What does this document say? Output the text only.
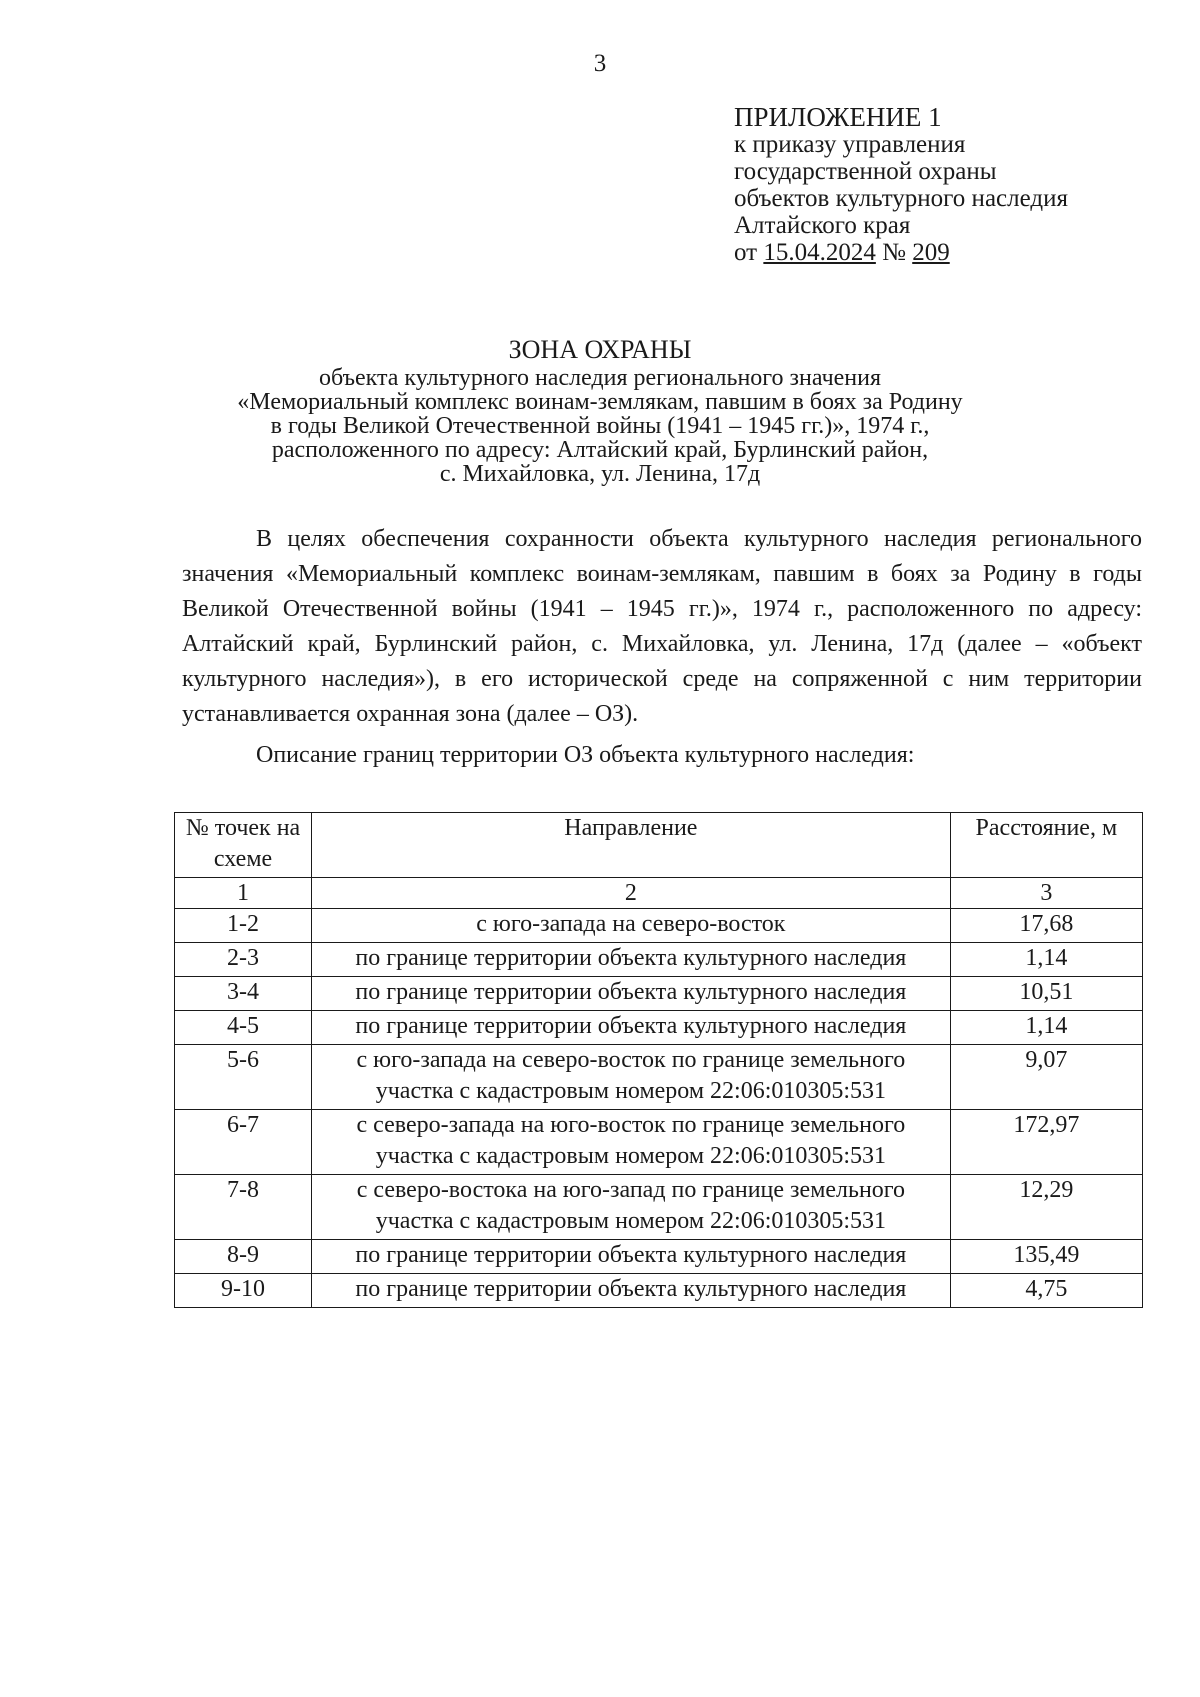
3
ПРИЛОЖЕНИЕ 1
к приказу управления
государственной охраны
объектов культурного наследия
Алтайского края
от 15.04.2024 № 209
ЗОНА ОХРАНЫ
объекта культурного наследия регионального значения
«Мемориальный комплекс воинам-землякам, павшим в боях за Родину
в годы Великой Отечественной войны (1941 – 1945 гг.)», 1974 г.,
расположенного по адресу: Алтайский край, Бурлинский район,
с. Михайловка, ул. Ленина, 17д

В целях обеспечения сохранности объекта культурного наследия регионального значения «Мемориальный комплекс воинам-землякам, павшим в боях за Родину в годы Великой Отечественной войны (1941 – 1945 гг.)», 1974 г., расположенного по адресу: Алтайский край, Бурлинский район, с. Михайловка, ул. Ленина, 17д (далее – «объект культурного наследия»), в его исторической среде на сопряженной с ним территории устанавливается охранная зона (далее – ОЗ).

Описание границ территории ОЗ объекта культурного наследия:

№ точек на схеме	Направление	Расстояние, м
1	2	3
1-2	с юго-запада на северо-восток	17,68
2-3	по границе территории объекта культурного наследия	1,14
3-4	по границе территории объекта культурного наследия	10,51
4-5	по границе территории объекта культурного наследия	1,14
5-6	с юго-запада на северо-восток по границе земельного участка с кадастровым номером 22:06:010305:531	9,07
6-7	с северо-запада на юго-восток по границе земельного участка с кадастровым номером 22:06:010305:531	172,97
7-8	с северо-востока на юго-запад по границе земельного участка с кадастровым номером 22:06:010305:531	12,29
8-9	по границе территории объекта культурного наследия	135,49
9-10	по границе территории объекта культурного наследия	4,75
